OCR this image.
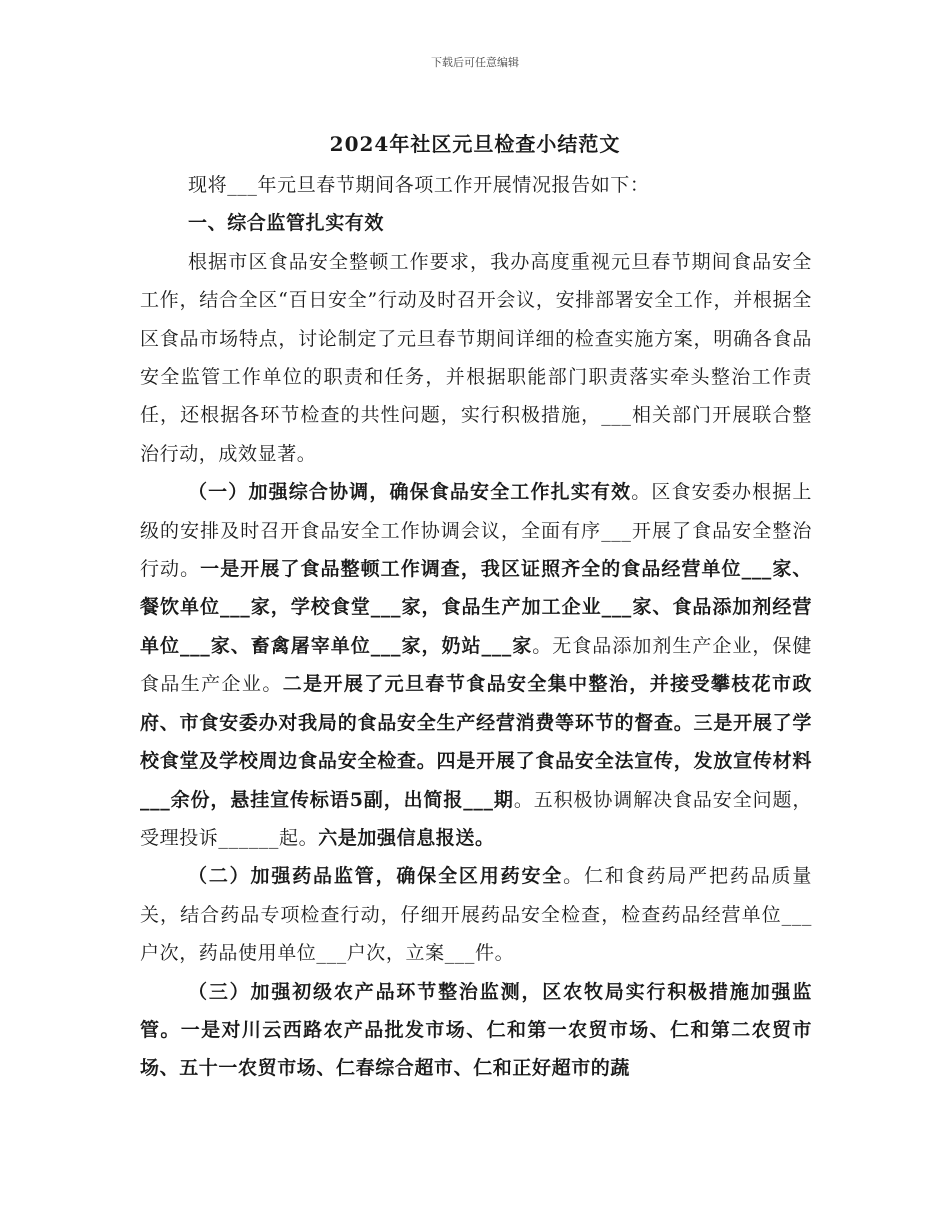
下载后可任意编辑
2024年社区元旦检查小结范文

现将___年元旦春节期间各项工作开展情况报告如下：

一、综合监管扎实有效

根据市区食品安全整顿工作要求，我办高度重视元旦春节期间食品安全工作，结合全区“百日安全”行动及时召开会议，安排部署安全工作，并根据全区食品市场特点，讨论制定了元旦春节期间详细的检查实施方案，明确各食品安全监管工作单位的职责和任务，并根据职能部门职责落实牵头整治工作责任，还根据各环节检查的共性问题，实行积极措施，___相关部门开展联合整治行动，成效显著。

（一）加强综合协调，确保食品安全工作扎实有效。区食安委办根据上级的安排及时召开食品安全工作协调会议，全面有序___开展了食品安全整治行动。一是开展了食品整顿工作调查，我区证照齐全的食品经营单位___家、餐饮单位___家，学校食堂___家，食品生产加工企业___家、食品添加剂经营单位___家、畜禽屠宰单位___家，奶站___家。无食品添加剂生产企业，保健食品生产企业。二是开展了元旦春节食品安全集中整治，并接受攀枝花市政府、市食安委办对我局的食品安全生产经营消费等环节的督查。三是开展了学校食堂及学校周边食品安全检查。四是开展了食品安全法宣传，发放宣传材料___余份，悬挂宣传标语5副，出简报___期。五积极协调解决食品安全问题，受理投诉______起。六是加强信息报送。

（二）加强药品监管，确保全区用药安全。仁和食药局严把药品质量关，结合药品专项检查行动，仔细开展药品安全检查，检查药品经营单位___户次，药品使用单位___户次，立案___件。

（三）加强初级农产品环节整治监测，区农牧局实行积极措施加强监管。一是对川云西路农产品批发市场、仁和第一农贸市场、仁和第二农贸市场、五十一农贸市场、仁春综合超市、仁和正好超市的蔬
